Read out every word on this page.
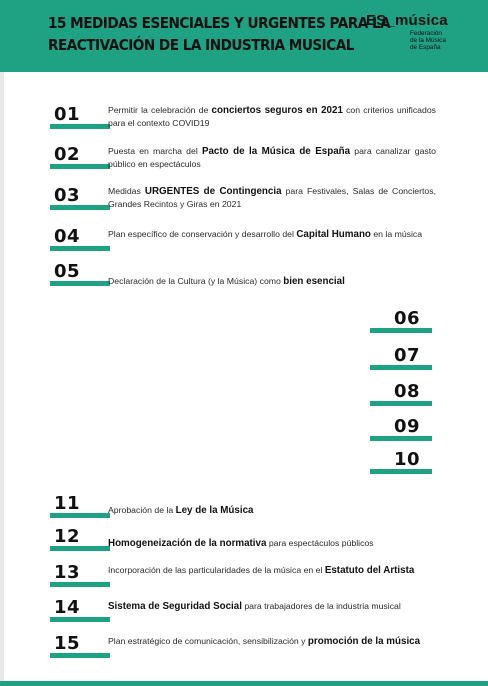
15 MEDIDAS ESENCIALES Y URGENTES PARA LA
REACTIVACIÓN DE LA INDUSTRIA MUSICAL
ES_música
Federación
de la Música
de España
01	Permitir la celebración de conciertos seguros en 2021 con criterios unificados para el contexto COVID19
02	Puesta en marcha del Pacto de la Música de España para canalizar gasto público en espectáculos
03	Medidas URGENTES de Contingencia para Festivales, Salas de Conciertos, Grandes Recintos y Giras en 2021
04	Plan específico de conservación y desarrollo del Capital Humano en la música
05	Declaración de la Cultura (y la Música) como bien esencial
06
07
08
09
10
11	Aprobación de la Ley de la Música
12	Homogeneización de la normativa para espectáculos públicos
13	Incorporación de las particularidades de la música en el Estatuto del Artista
14	Sistema de Seguridad Social para trabajadores de la industria musical
15	Plan estratégico de comunicación, sensibilización y promoción de la música
